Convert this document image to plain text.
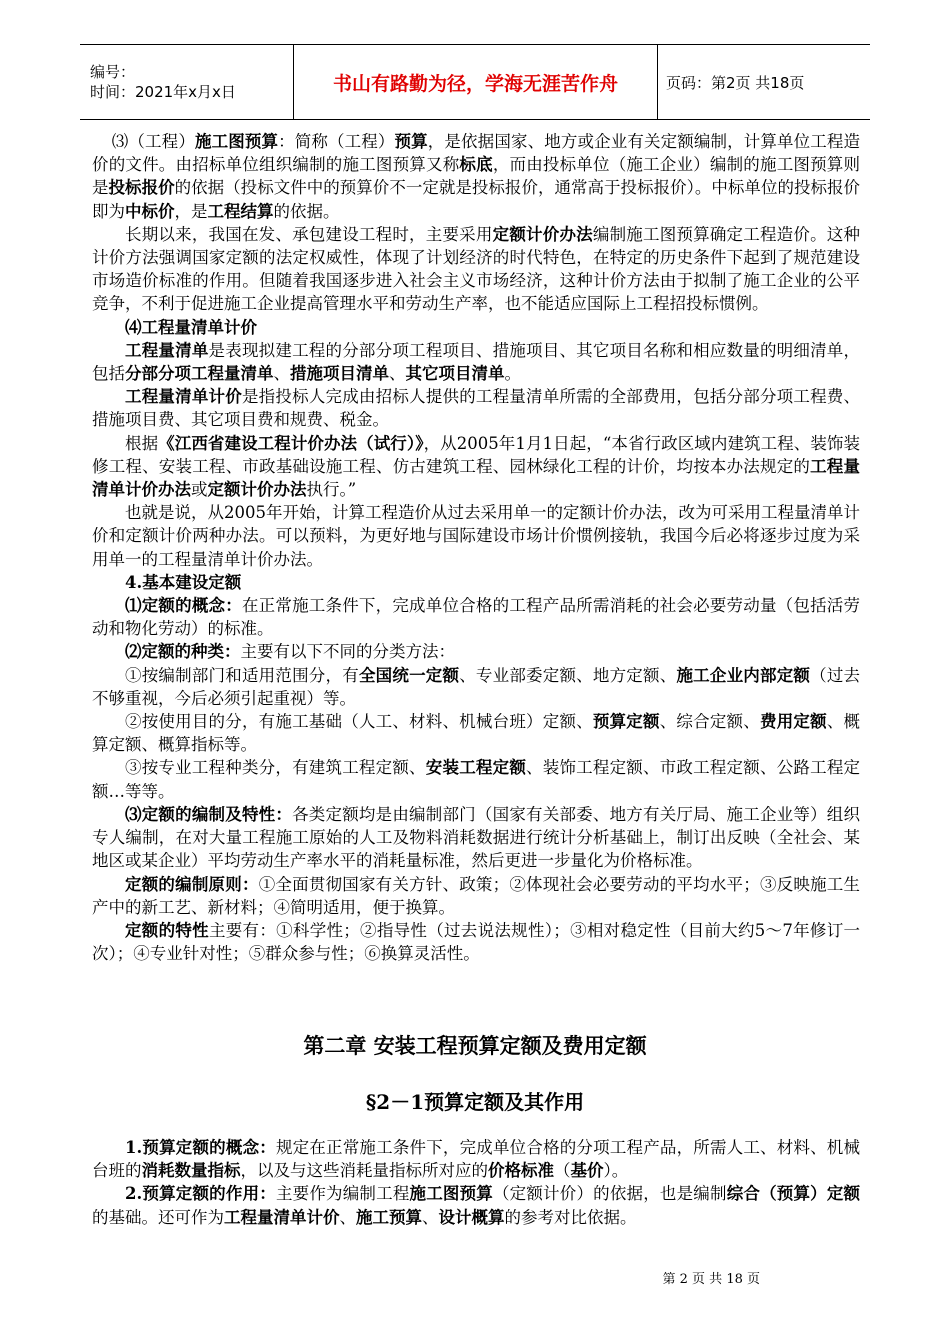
编号：
时间：2021年x月x日	书山有路勤为径，学海无涯苦作舟	页码：第2页 共18页

⑶（工程）施工图预算：简称（工程）预算，是依据国家、地方或企业有关定额编制，计算单位工程造价的文件。由招标单位组织编制的施工图预算又称标底，而由投标单位（施工企业）编制的施工图预算则是投标报价的依据（投标文件中的预算价不一定就是投标报价，通常高于投标报价）。中标单位的投标报价即为中标价，是工程结算的依据。

长期以来，我国在发、承包建设工程时，主要采用定额计价办法编制施工图预算确定工程造价。这种计价方法强调国家定额的法定权威性，体现了计划经济的时代特色，在特定的历史条件下起到了规范建设市场造价标准的作用。但随着我国逐步进入社会主义市场经济，这种计价方法由于拟制了施工企业的公平竞争，不利于促进施工企业提高管理水平和劳动生产率，也不能适应国际上工程招投标惯例。

⑷工程量清单计价

工程量清单是表现拟建工程的分部分项工程项目、措施项目、其它项目名称和相应数量的明细清单，包括分部分项工程量清单、措施项目清单、其它项目清单。

工程量清单计价是指投标人完成由招标人提供的工程量清单所需的全部费用，包括分部分项工程费、措施项目费、其它项目费和规费、税金。

根据《江西省建设工程计价办法（试行）》，从2005年1月1日起，“本省行政区域内建筑工程、装饰装修工程、安装工程、市政基础设施工程、仿古建筑工程、园林绿化工程的计价，均按本办法规定的工程量清单计价办法或定额计价办法执行。”

也就是说，从2005年开始，计算工程造价从过去采用单一的定额计价办法，改为可采用工程量清单计价和定额计价两种办法。可以预料，为更好地与国际建设市场计价惯例接轨，我国今后必将逐步过度为采用单一的工程量清单计价办法。

4.基本建设定额

⑴定额的概念：在正常施工条件下，完成单位合格的工程产品所需消耗的社会必要劳动量（包括活劳动和物化劳动）的标准。

⑵定额的种类：主要有以下不同的分类方法：

①按编制部门和适用范围分，有全国统一定额、专业部委定额、地方定额、施工企业内部定额（过去不够重视，今后必须引起重视）等。

②按使用目的分，有施工基础（人工、材料、机械台班）定额、预算定额、综合定额、费用定额、概算定额、概算指标等。

③按专业工程种类分，有建筑工程定额、安装工程定额、装饰工程定额、市政工程定额、公路工程定额…等等。

⑶定额的编制及特性：各类定额均是由编制部门（国家有关部委、地方有关厅局、施工企业等）组织专人编制，在对大量工程施工原始的人工及物料消耗数据进行统计分析基础上，制订出反映（全社会、某地区或某企业）平均劳动生产率水平的消耗量标准，然后更进一步量化为价格标准。

定额的编制原则：①全面贯彻国家有关方针、政策；②体现社会必要劳动的平均水平；③反映施工生产中的新工艺、新材料；④简明适用，便于换算。

定额的特性主要有：①科学性；②指导性（过去说法规性）；③相对稳定性（目前大约5～7年修订一次）；④专业针对性；⑤群众参与性；⑥换算灵活性。

第二章 安装工程预算定额及费用定额
§2－1预算定额及其作用

1.预算定额的概念：规定在正常施工条件下，完成单位合格的分项工程产品，所需人工、材料、机械台班的消耗数量指标，以及与这些消耗量指标所对应的价格标准（基价）。

2.预算定额的作用：主要作为编制工程施工图预算（定额计价）的依据，也是编制综合（预算）定额的基础。还可作为工程量清单计价、施工预算、设计概算的参考对比依据。

第 2 页 共 18 页
